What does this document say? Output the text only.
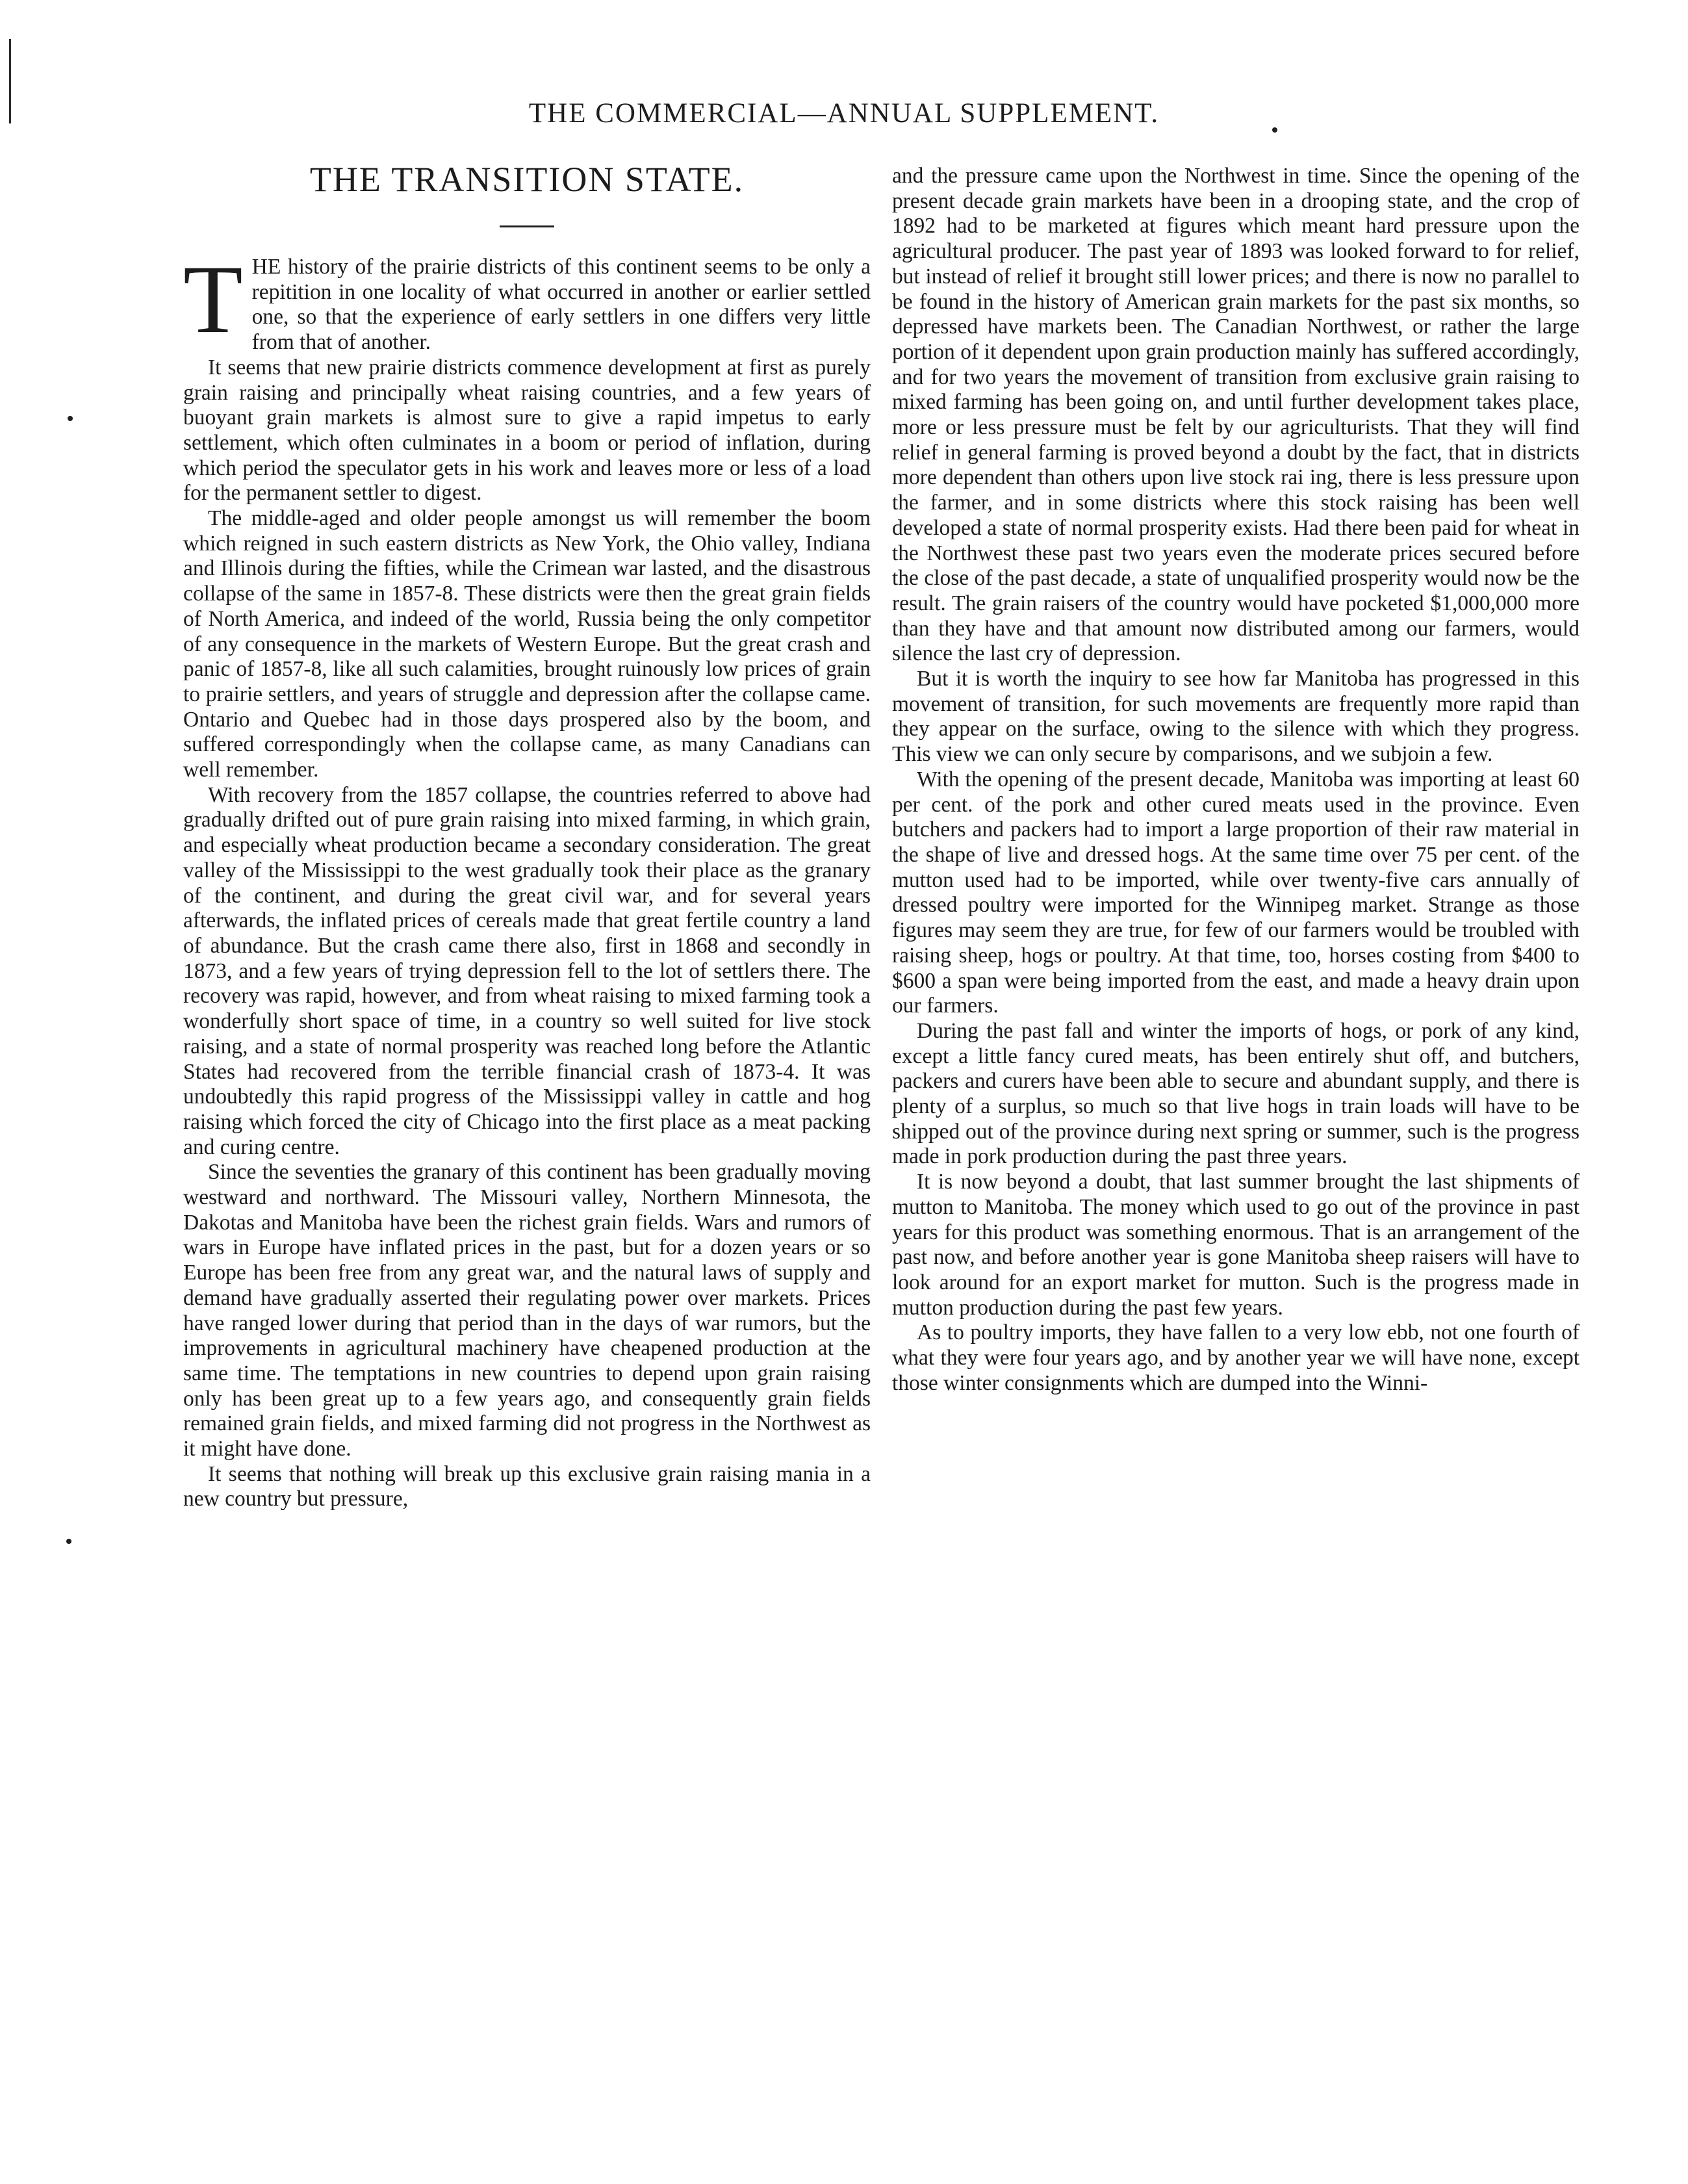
THE COMMERCIAL—ANNUAL SUPPLEMENT.
THE TRANSITION STATE.

THE history of the prairie districts of this continent seems to be only a repitition in one locality of what occurred in another or earlier settled one, so that the experience of early settlers in one differs very little from that of another.

It seems that new prairie districts commence development at first as purely grain raising and principally wheat raising countries, and a few years of buoyant grain markets is almost sure to give a rapid impetus to early settlement, which often culminates in a boom or period of inflation, during which period the speculator gets in his work and leaves more or less of a load for the permanent settler to digest.

The middle-aged and older people amongst us will remember the boom which reigned in such eastern districts as New York, the Ohio valley, Indiana and Illinois during the fifties, while the Crimean war lasted, and the disastrous collapse of the same in 1857-8. These districts were then the great grain fields of North America, and indeed of the world, Russia being the only competitor of any consequence in the markets of Western Europe. But the great crash and panic of 1857-8, like all such calamities, brought ruinously low prices of grain to prairie settlers, and years of struggle and depression after the collapse came. Ontario and Quebec had in those days prospered also by the boom, and suffered correspondingly when the collapse came, as many Canadians can well remember.

With recovery from the 1857 collapse, the countries referred to above had gradually drifted out of pure grain raising into mixed farming, in which grain, and especially wheat production became a secondary consideration. The great valley of the Mississippi to the west gradually took their place as the granary of the continent, and during the great civil war, and for several years afterwards, the inflated prices of cereals made that great fertile country a land of abundance. But the crash came there also, first in 1868 and secondly in 1873, and a few years of trying depression fell to the lot of settlers there. The recovery was rapid, however, and from wheat raising to mixed farming took a wonderfully short space of time, in a country so well suited for live stock raising, and a state of normal prosperity was reached long before the Atlantic States had recovered from the terrible financial crash of 1873-4. It was undoubtedly this rapid progress of the Mississippi valley in cattle and hog raising which forced the city of Chicago into the first place as a meat packing and curing centre.

Since the seventies the granary of this continent has been gradually moving westward and northward. The Missouri valley, Northern Minnesota, the Dakotas and Manitoba have been the richest grain fields. Wars and rumors of wars in Europe have inflated prices in the past, but for a dozen years or so Europe has been free from any great war, and the natural laws of supply and demand have gradually asserted their regulating power over markets. Prices have ranged lower during that period than in the days of war rumors, but the improvements in agricultural machinery have cheapened production at the same time. The temptations in new countries to depend upon grain raising only has been great up to a few years ago, and consequently grain fields remained grain fields, and mixed farming did not progress in the Northwest as it might have done.

It seems that nothing will break up this exclusive grain raising mania in a new country but pressure,

and the pressure came upon the Northwest in time. Since the opening of the present decade grain markets have been in a drooping state, and the crop of 1892 had to be marketed at figures which meant hard pressure upon the agricultural producer. The past year of 1893 was looked forward to for relief, but instead of relief it brought still lower prices; and there is now no parallel to be found in the history of American grain markets for the past six months, so depressed have markets been. The Canadian Northwest, or rather the large portion of it dependent upon grain production mainly has suffered accordingly, and for two years the movement of transition from exclusive grain raising to mixed farming has been going on, and until further development takes place, more or less pressure must be felt by our agriculturists. That they will find relief in general farming is proved beyond a doubt by the fact, that in districts more dependent than others upon live stock rai ing, there is less pressure upon the farmer, and in some districts where this stock raising has been well developed a state of normal prosperity exists. Had there been paid for wheat in the Northwest these past two years even the moderate prices secured before the close of the past decade, a state of unqualified prosperity would now be the result. The grain raisers of the country would have pocketed $1,000,000 more than they have and that amount now distributed among our farmers, would silence the last cry of depression.

But it is worth the inquiry to see how far Manitoba has progressed in this movement of transition, for such movements are frequently more rapid than they appear on the surface, owing to the silence with which they progress. This view we can only secure by comparisons, and we subjoin a few.

With the opening of the present decade, Manitoba was importing at least 60 per cent. of the pork and other cured meats used in the province. Even butchers and packers had to import a large proportion of their raw material in the shape of live and dressed hogs. At the same time over 75 per cent. of the mutton used had to be imported, while over twenty-five cars annually of dressed poultry were imported for the Winnipeg market. Strange as those figures may seem they are true, for few of our farmers would be troubled with raising sheep, hogs or poultry. At that time, too, horses costing from $400 to $600 a span were being imported from the east, and made a heavy drain upon our farmers.

During the past fall and winter the imports of hogs, or pork of any kind, except a little fancy cured meats, has been entirely shut off, and butchers, packers and curers have been able to secure and abundant supply, and there is plenty of a surplus, so much so that live hogs in train loads will have to be shipped out of the province during next spring or summer, such is the progress made in pork production during the past three years.

It is now beyond a doubt, that last summer brought the last shipments of mutton to Manitoba. The money which used to go out of the province in past years for this product was something enormous. That is an arrangement of the past now, and before another year is gone Manitoba sheep raisers will have to look around for an export market for mutton. Such is the progress made in mutton production during the past few years.

As to poultry imports, they have fallen to a very low ebb, not one fourth of what they were four years ago, and by another year we will have none, except those winter consignments which are dumped into the Winni-
